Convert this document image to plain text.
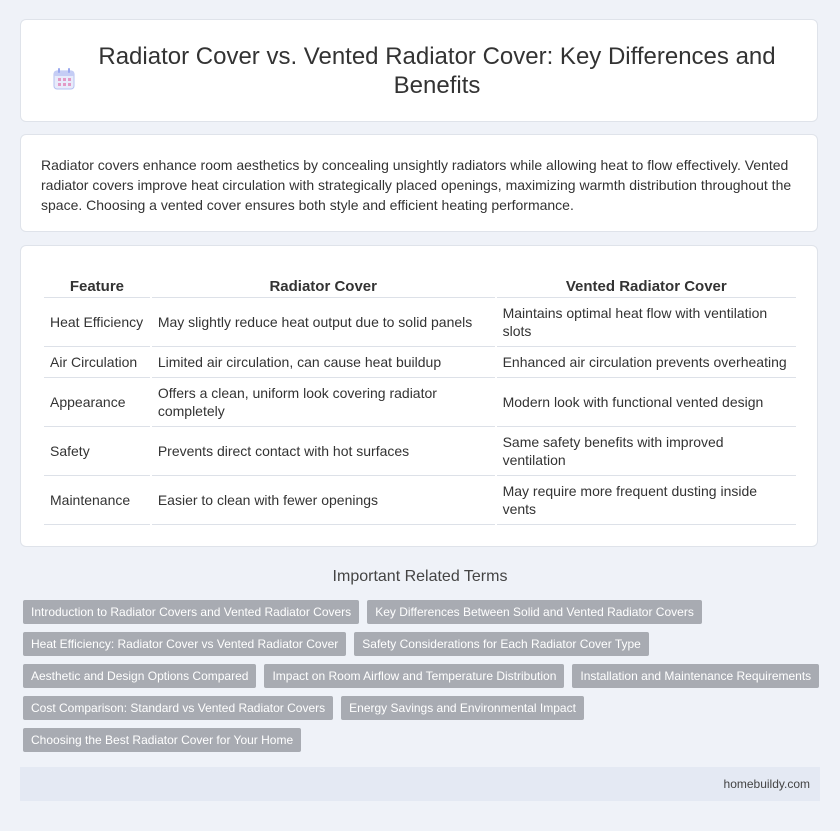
Radiator Cover vs. Vented Radiator Cover: Key Differences and Benefits

Radiator covers enhance room aesthetics by concealing unsightly radiators while allowing heat to flow effectively. Vented radiator covers improve heat circulation with strategically placed openings, maximizing warmth distribution throughout the space. Choosing a vented cover ensures both style and efficient heating performance.

Feature	Radiator Cover	Vented Radiator Cover
Heat Efficiency	May slightly reduce heat output due to solid panels	Maintains optimal heat flow with ventilation slots
Air Circulation	Limited air circulation, can cause heat buildup	Enhanced air circulation prevents overheating
Appearance	Offers a clean, uniform look covering radiator completely	Modern look with functional vented design
Safety	Prevents direct contact with hot surfaces	Same safety benefits with improved ventilation
Maintenance	Easier to clean with fewer openings	May require more frequent dusting inside vents
Important Related Terms
Introduction to Radiator Covers and Vented Radiator Covers	Key Differences Between Solid and Vented Radiator Covers
Heat Efficiency: Radiator Cover vs Vented Radiator Cover	Safety Considerations for Each Radiator Cover Type
Aesthetic and Design Options Compared	Impact on Room Airflow and Temperature Distribution	Installation and Maintenance Requirements
Cost Comparison: Standard vs Vented Radiator Covers	Energy Savings and Environmental Impact
Choosing the Best Radiator Cover for Your Home
homebuildy.com
